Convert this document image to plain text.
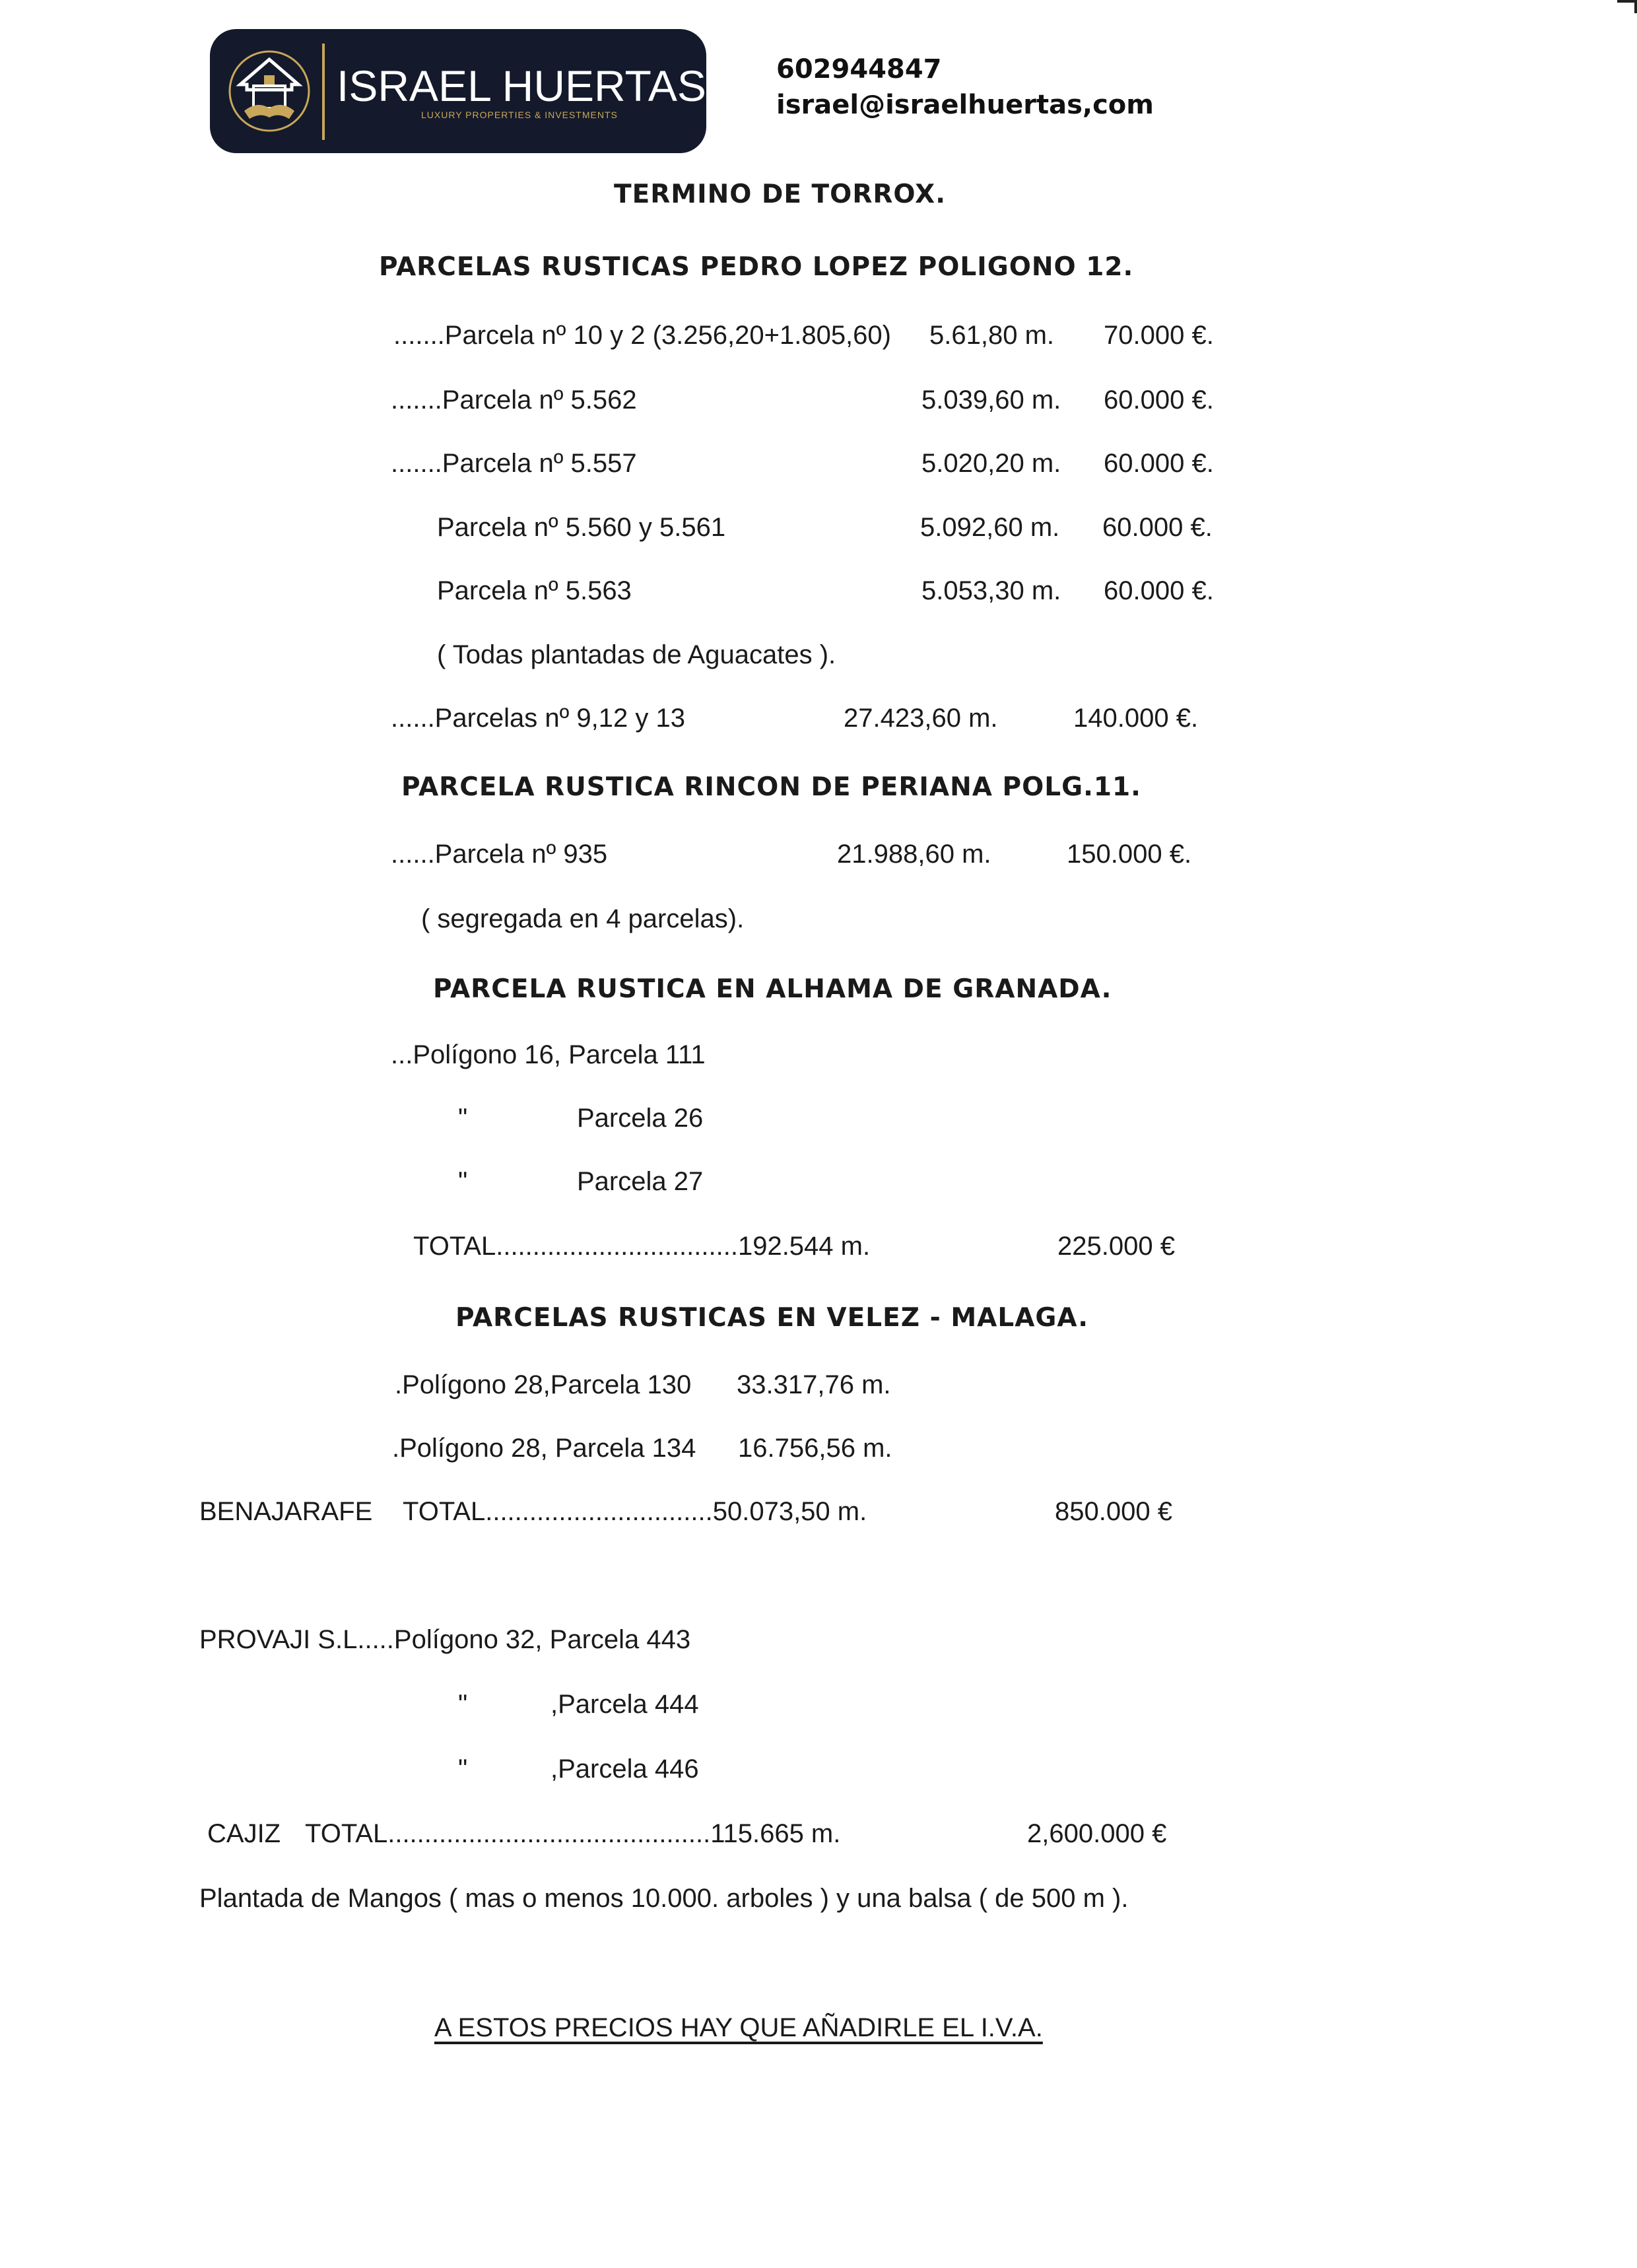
ISRAEL HUERTAS
LUXURY PROPERTIES & INVESTMENTS
602944847
israel@israelhuertas,com
TERMINO DE TORROX.
PARCELAS RUSTICAS PEDRO LOPEZ POLIGONO 12.
.......Parcela nº 10 y 2 (3.256,20+1.805,60) 5.61,80 m. 70.000 €.
.......Parcela nº 5.562	5.039,60 m. 60.000 €.
.......Parcela nº 5.557	5.020,20 m. 60.000 €.
Parcela nº 5.560 y 5.561	5.092,60 m. 60.000 €.
Parcela nº 5.563	5.053,30 m. 60.000 €.
( Todas plantadas de Aguacates ).
......Parcelas nº 9,12 y 13	27.423,60 m.	140.000 €.
PARCELA RUSTICA RINCON DE PERIANA POLG.11.
......Parcela nº 935	21.988,60 m.	150.000 €.
( segregada en 4 parcelas).
PARCELA RUSTICA EN ALHAMA DE GRANADA.
...Polígono 16, Parcela 111
"	Parcela 26
"	Parcela 27
TOTAL.................................192.544 m.	225.000 €
PARCELAS RUSTICAS EN VELEZ - MALAGA.
.Polígono 28,Parcela 130 33.317,76 m.
.Polígono 28, Parcela 134 16.756,56 m.
BENAJARAFE TOTAL...............................50.073,50 m.	850.000 €
PROVAJI S.L.....Polígono 32, Parcela 443
"	,Parcela 444
"	,Parcela 446
CAJIZ TOTAL............................................115.665 m.	2,600.000 €
Plantada de Mangos ( mas o menos 10.000. arboles ) y una balsa ( de 500 m ).
A ESTOS PRECIOS HAY QUE AÑADIRLE EL I.V.A.
